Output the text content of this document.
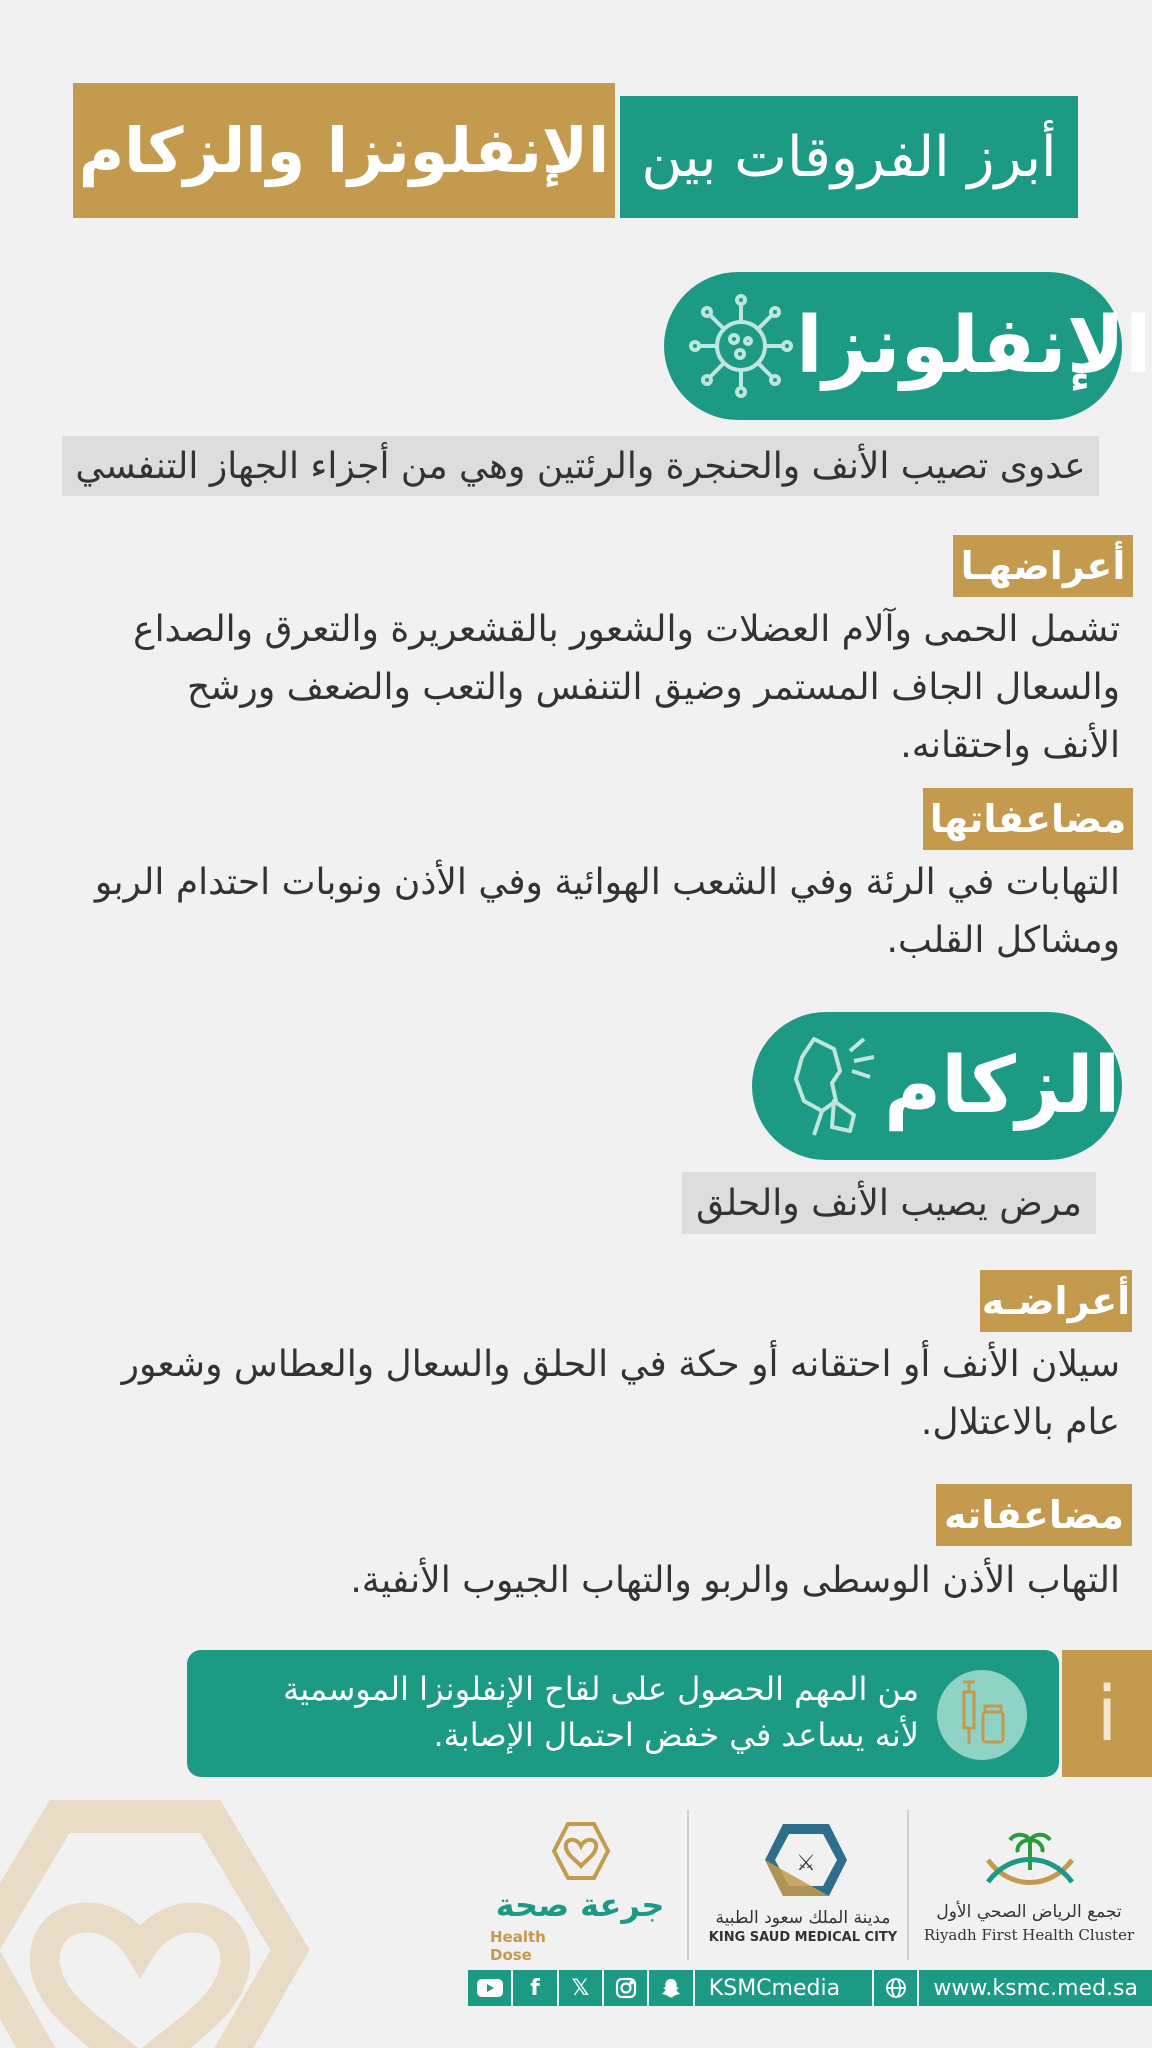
الإنفلونزا والزكام أبرز الفروقات بين
الإنفلونزا
عدوى تصيب الأنف والحنجرة والرئتين وهي من أجزاء الجهاز التنفسي
أعراضهـا
تشمل الحمى وآلام العضلات والشعور بالقشعريرة والتعرق والصداع
والسعال الجاف المستمر وضيق التنفس والتعب والضعف ورشح
الأنف واحتقانه.
مضاعفاتها
التهابات في الرئة وفي الشعب الهوائية وفي الأذن ونوبات احتدام الربو
ومشاكل القلب.
الزكام
مرض يصيب الأنف والحلق
أعراضـه
سيلان الأنف أو احتقانه أو حكة في الحلق والسعال والعطاس وشعور
عام بالاعتلال.
مضاعفاته
التهاب الأذن الوسطى والربو والتهاب الجيوب الأنفية.
من المهم الحصول على لقاح الإنفلونزا الموسمية
لأنه يساعد في خفض احتمال الإصابة.	i
جرعة صحة
Health Dose
⚔
مدينة الملك سعود الطبية
KING SAUD MEDICAL CITY
تجمع الرياض الصحي الأول
Riyadh First Health Cluster
f	𝕏	KSMCmedia	www.ksmc.med.sa
